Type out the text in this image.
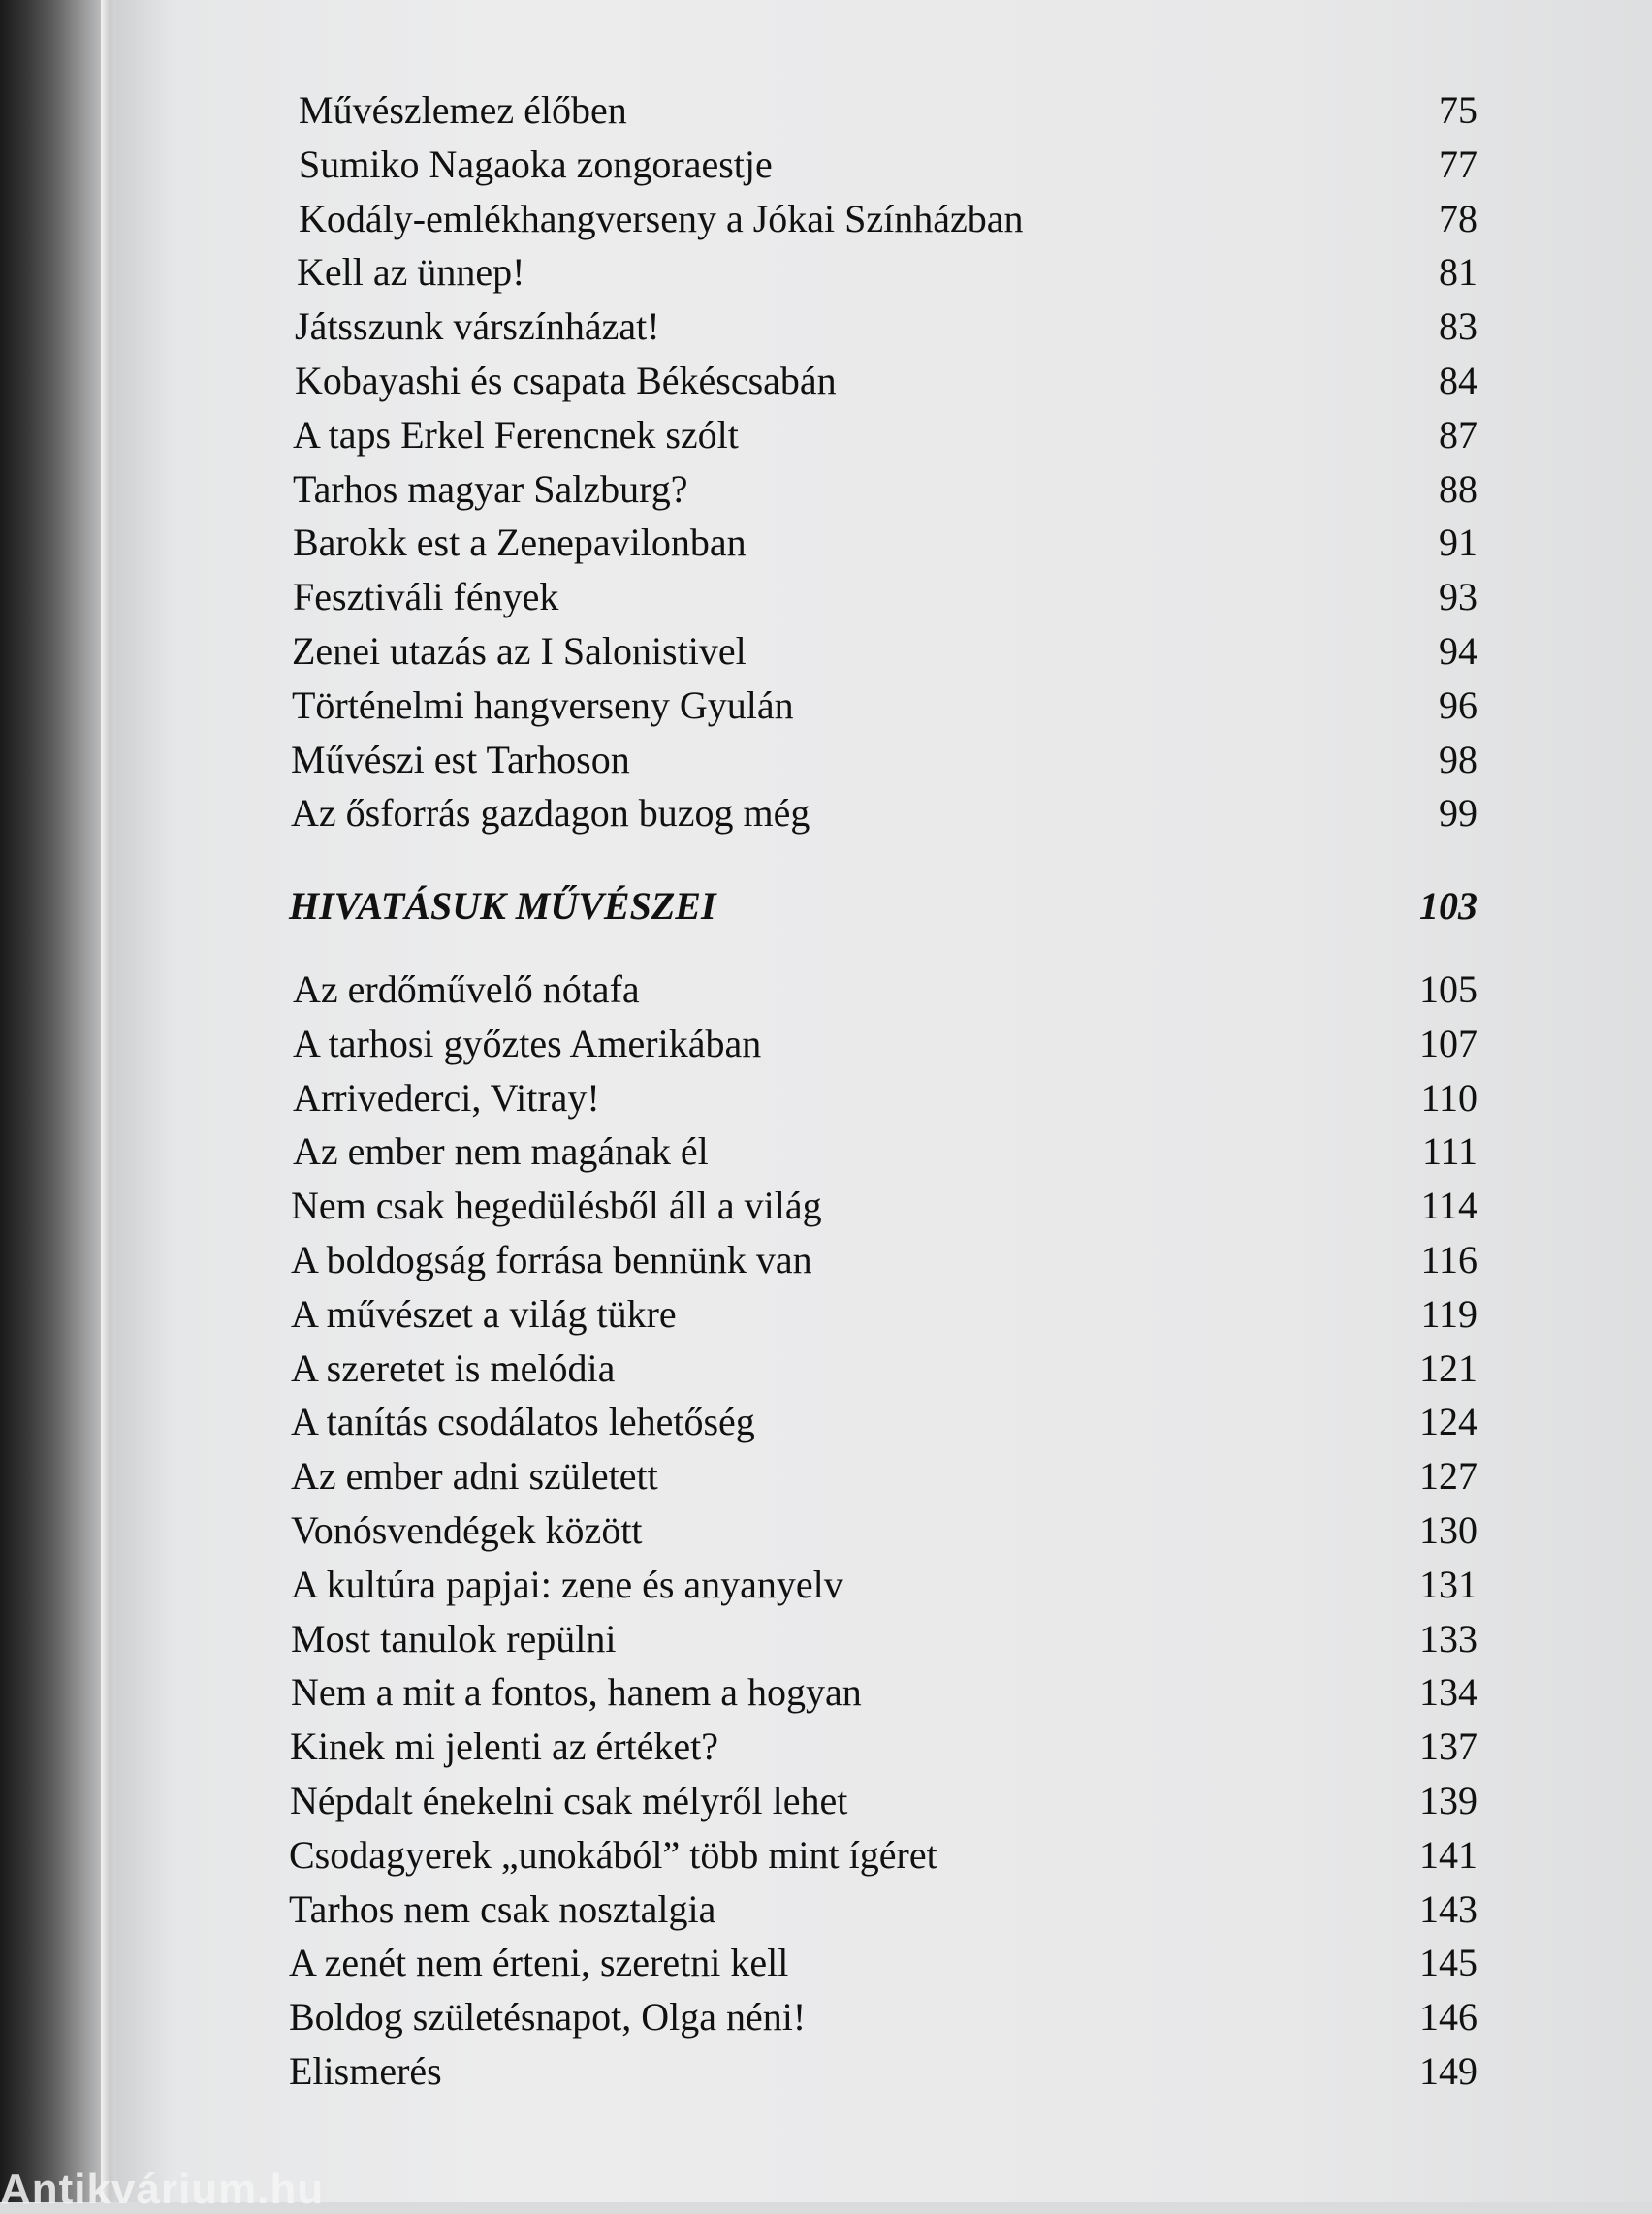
Művészlemez élőben	75
Sumiko Nagaoka zongoraestje	77
Kodály-emlékhangverseny a Jókai Színházban	78
Kell az ünnep!	81
Játsszunk várszínházat!	83
Kobayashi és csapata Békéscsabán	84
A taps Erkel Ferencnek szólt	87
Tarhos magyar Salzburg?	88
Barokk est a Zenepavilonban	91
Fesztiváli fények	93
Zenei utazás az I Salonistivel	94
Történelmi hangverseny Gyulán	96
Művészi est Tarhoson	98
Az ősforrás gazdagon buzog még	99
HIVATÁSUK MŰVÉSZEI	103
Az erdőművelő nótafa	105
A tarhosi győztes Amerikában	107
Arrivederci, Vitray!	110
Az ember nem magának él	111
Nem csak hegedülésből áll a világ	114
A boldogság forrása bennünk van	116
A művészet a világ tükre	119
A szeretet is melódia	121
A tanítás csodálatos lehetőség	124
Az ember adni született	127
Vonósvendégek között	130
A kultúra papjai: zene és anyanyelv	131
Most tanulok repülni	133
Nem a mit a fontos, hanem a hogyan	134
Kinek mi jelenti az értéket?	137
Népdalt énekelni csak mélyről lehet	139
Csodagyerek „unokából” több mint ígéret	141
Tarhos nem csak nosztalgia	143
A zenét nem érteni, szeretni kell	145
Boldog születésnapot, Olga néni!	146
Elismerés	149
Antikvárium.hu
